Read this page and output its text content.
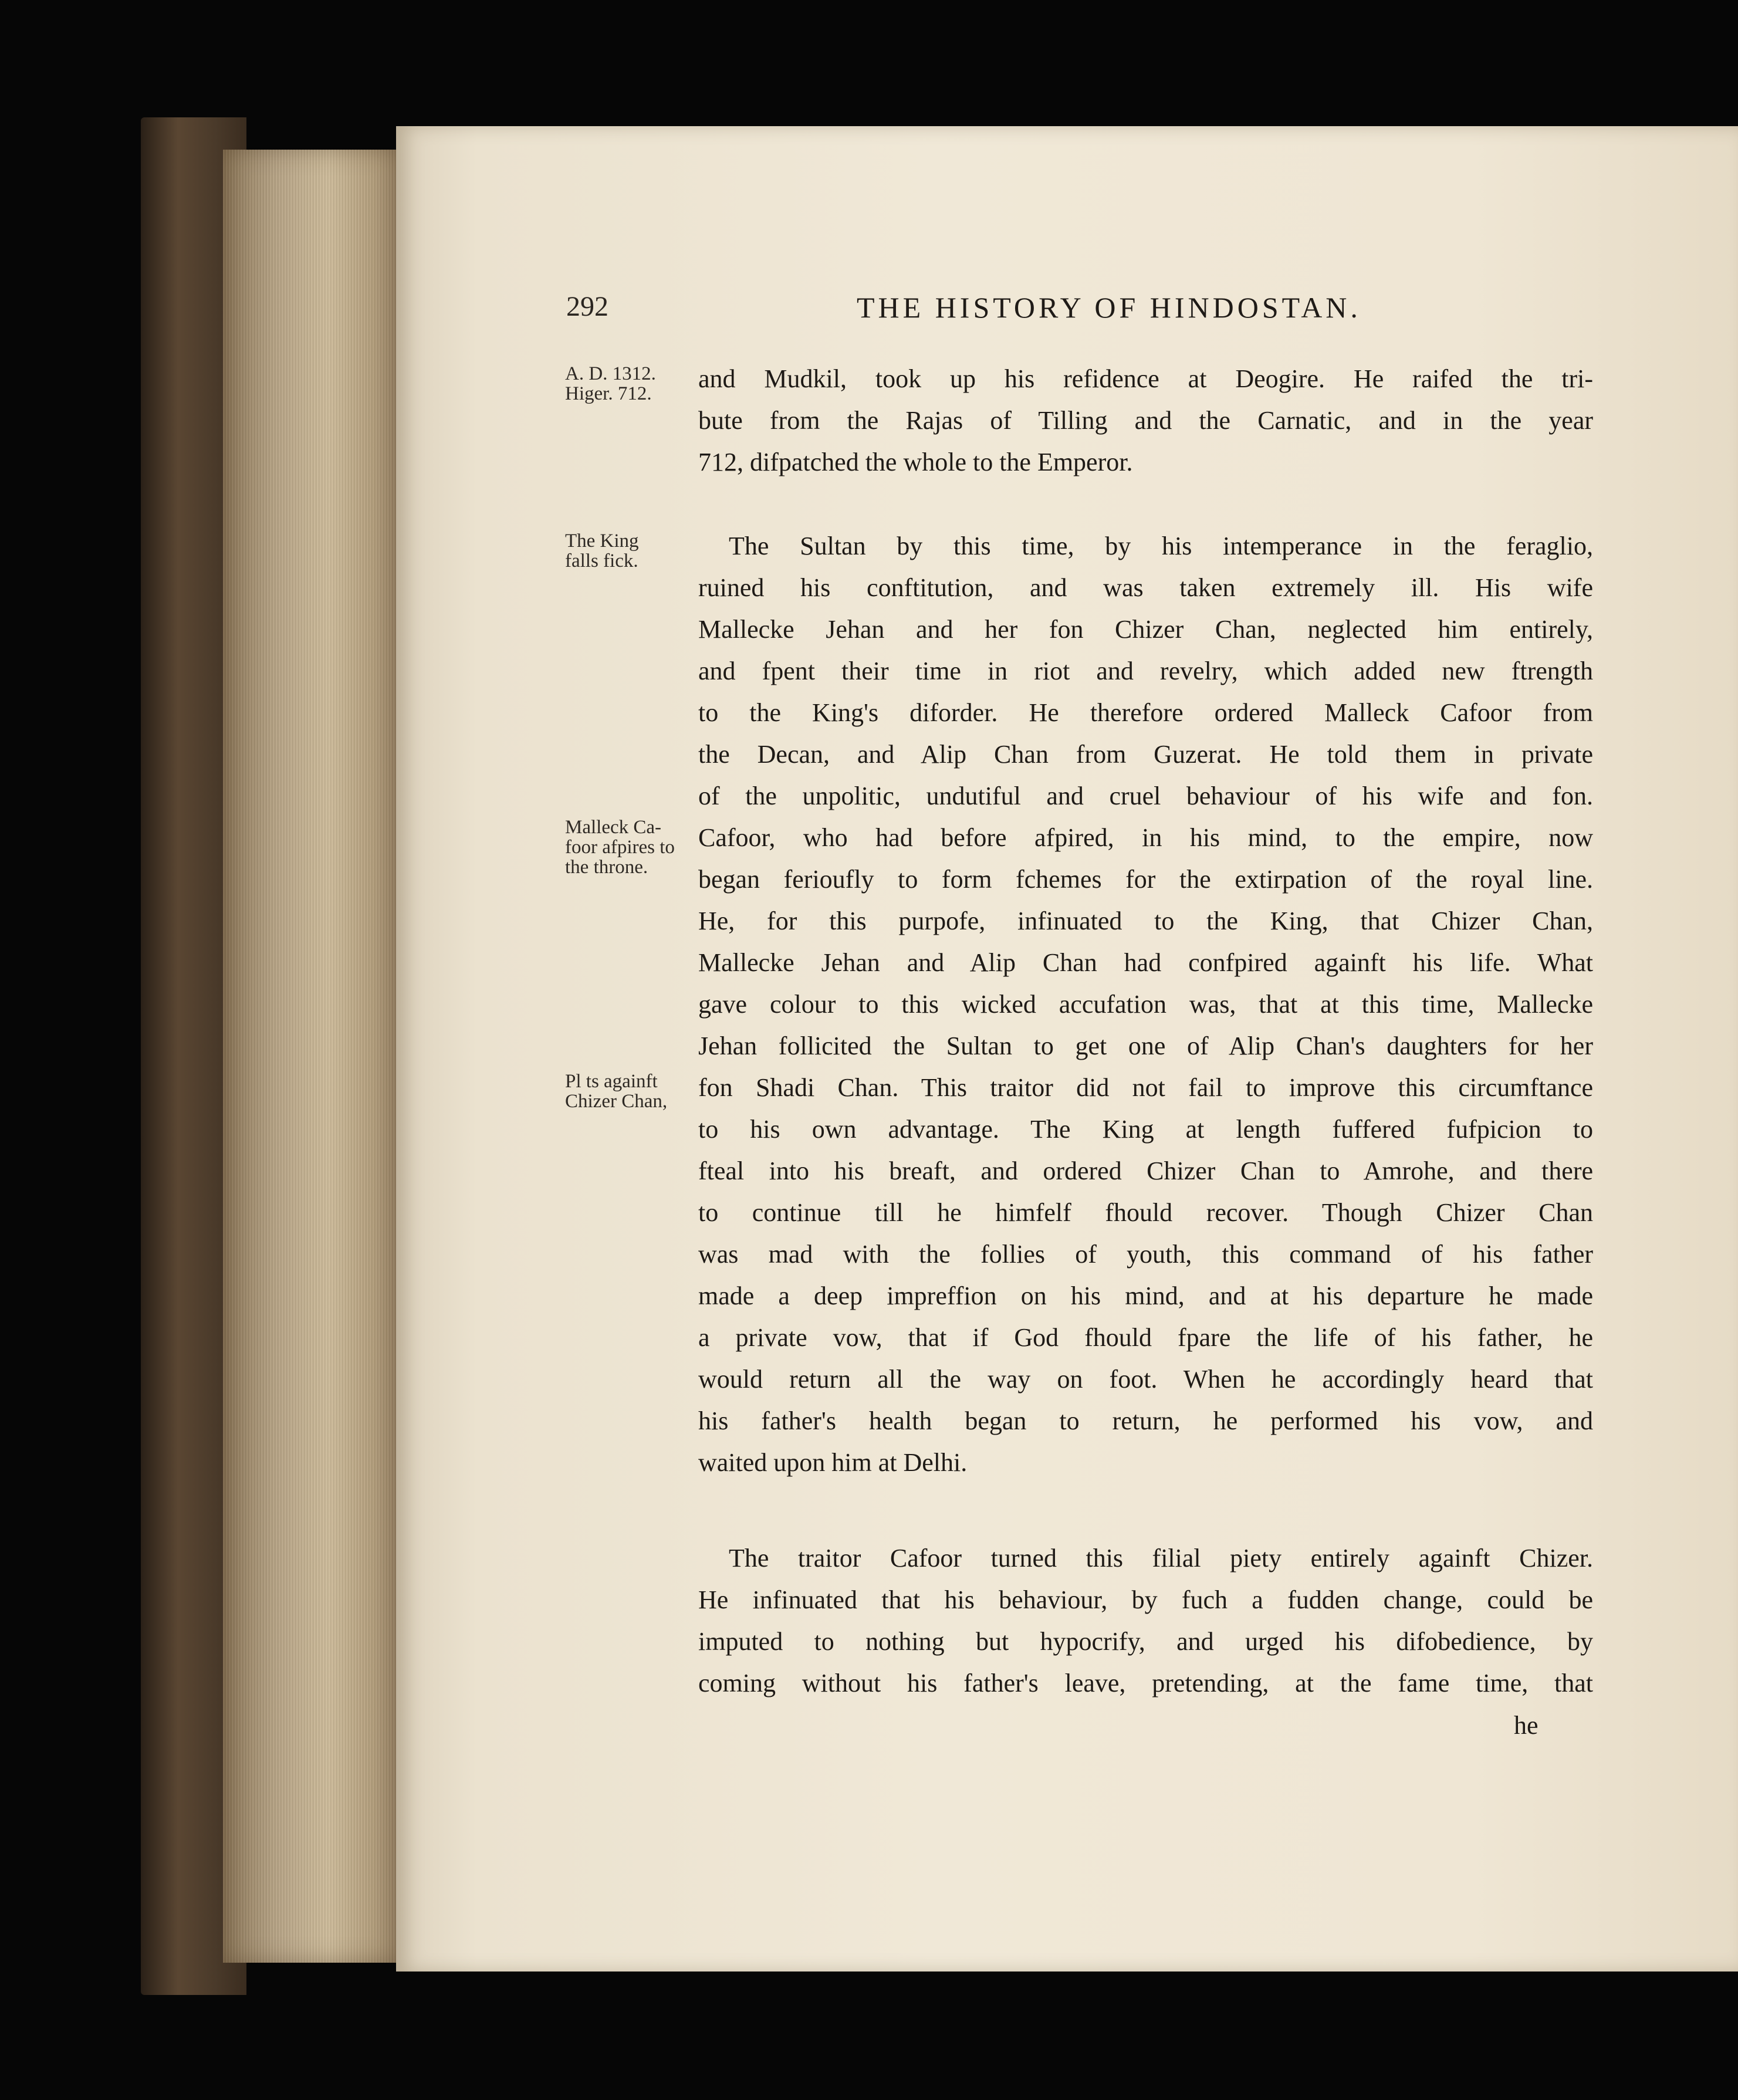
292	THE HISTORY OF HINDOSTAN.
A. D. 1312.
Higer. 712.
The King
falls fick.
Malleck Ca-
foor afpires to
the throne.
Pl ts againft
Chizer Chan,
and Mudkil, took up his refidence at Deogire. He raifed the tri-
bute from the Rajas of Tilling and the Carnatic, and in the year
712, difpatched the whole to the Emperor.
The Sultan by this time, by his intemperance in the feraglio,
ruined his conftitution, and was taken extremely ill. His wife
Mallecke Jehan and her fon Chizer Chan, neglected him entirely,
and fpent their time in riot and revelry, which added new ftrength
to the King's diforder. He therefore ordered Malleck Cafoor from
the Decan, and Alip Chan from Guzerat. He told them in private
of the unpolitic, undutiful and cruel behaviour of his wife and fon.
Cafoor, who had before afpired, in his mind, to the empire, now
began ferioufly to form fchemes for the extirpation of the royal line.
He, for this purpofe, infinuated to the King, that Chizer Chan,
Mallecke Jehan and Alip Chan had confpired againft his life. What
gave colour to this wicked accufation was, that at this time, Mallecke
Jehan follicited the Sultan to get one of Alip Chan's daughters for her
fon Shadi Chan. This traitor did not fail to improve this circumftance
to his own advantage. The King at length fuffered fufpicion to
fteal into his breaft, and ordered Chizer Chan to Amrohe, and there
to continue till he himfelf fhould recover. Though Chizer Chan
was mad with the follies of youth, this command of his father
made a deep impreffion on his mind, and at his departure he made
a private vow, that if God fhould fpare the life of his father, he
would return all the way on foot. When he accordingly heard that
his father's health began to return, he performed his vow, and
waited upon him at Delhi.
The traitor Cafoor turned this filial piety entirely againft Chizer.
He infinuated that his behaviour, by fuch a fudden change, could be
imputed to nothing but hypocrify, and urged his difobedience, by
coming without his father's leave, pretending, at the fame time, that
he
